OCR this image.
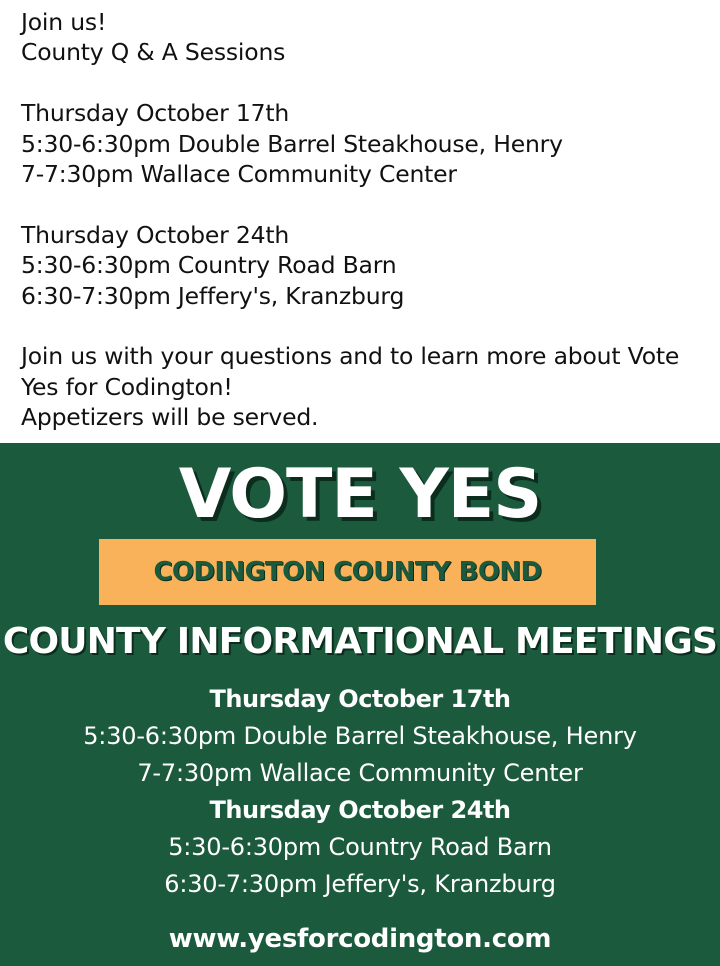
Join us!
County Q & A Sessions
Thursday October 17th
5:30-6:30pm Double Barrel Steakhouse, Henry
7-7:30pm Wallace Community Center
Thursday October 24th
5:30-6:30pm Country Road Barn
6:30-7:30pm Jeffery's, Kranzburg
Join us with your questions and to learn more about Vote
Yes for Codington!
Appetizers will be served.
VOTE YES
CODINGTON COUNTY BOND
COUNTY INFORMATIONAL MEETINGS
Thursday October 17th
5:30-6:30pm Double Barrel Steakhouse, Henry
7-7:30pm Wallace Community Center
Thursday October 24th
5:30-6:30pm Country Road Barn
6:30-7:30pm Jeffery's, Kranzburg
www.yesforcodington.com
